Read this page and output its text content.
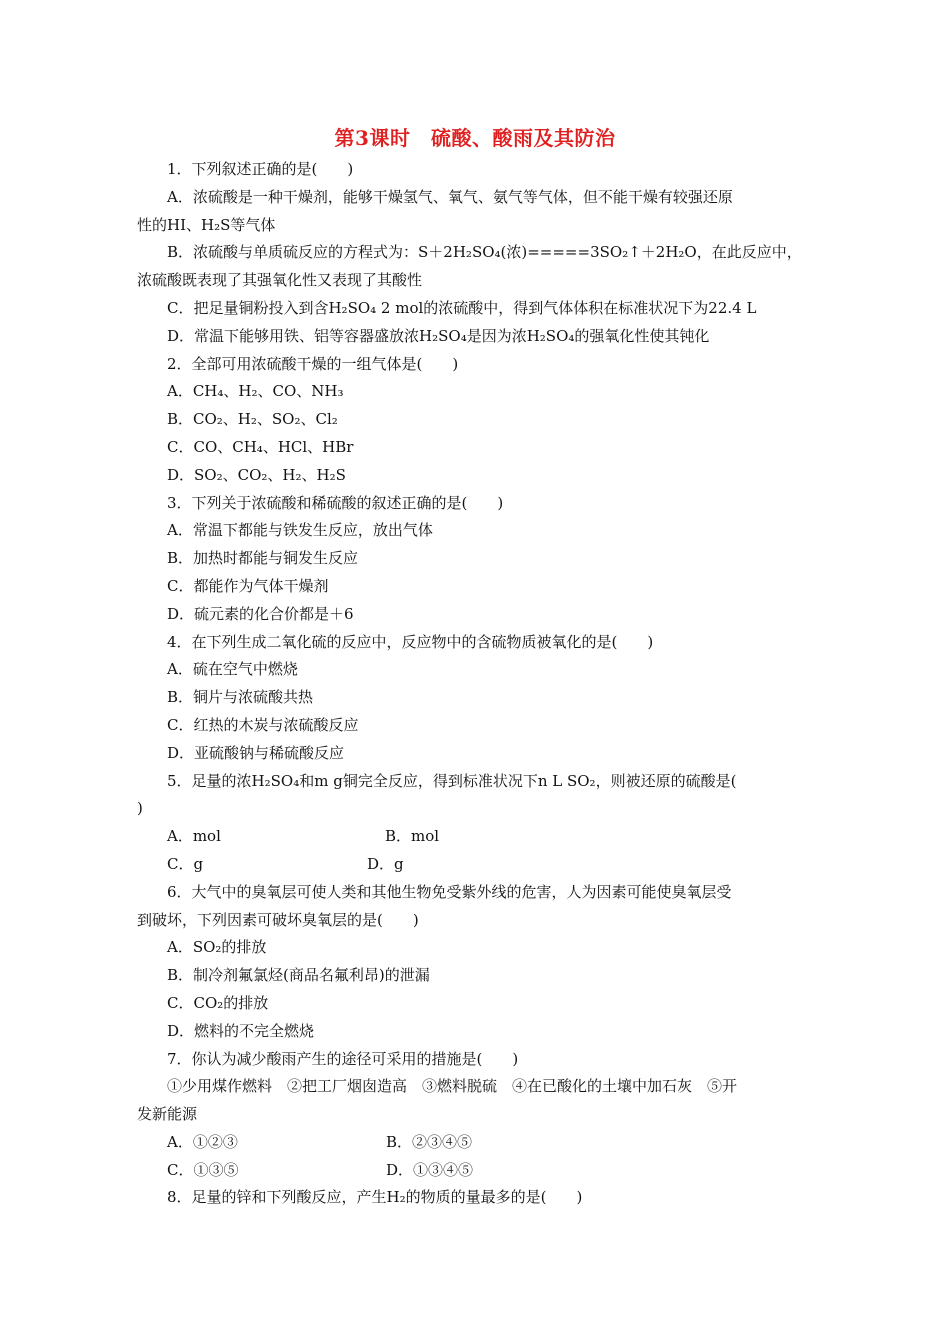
第3课时　硫酸、酸雨及其防治
1．下列叙述正确的是(　　)
A．浓硫酸是一种干燥剂，能够干燥氢气、氧气、氨气等气体，但不能干燥有较强还原
性的HI、H₂S等气体
B．浓硫酸与单质硫反应的方程式为：S＋2H₂SO₄(浓)=====3SO₂↑＋2H₂O，在此反应中，
浓硫酸既表现了其强氧化性又表现了其酸性
C．把足量铜粉投入到含H₂SO₄ 2 mol的浓硫酸中，得到气体体积在标准状况下为22.4 L
D．常温下能够用铁、铝等容器盛放浓H₂SO₄是因为浓H₂SO₄的强氧化性使其钝化
2．全部可用浓硫酸干燥的一组气体是(　　)
A．CH₄、H₂、CO、NH₃
B．CO₂、H₂、SO₂、Cl₂
C．CO、CH₄、HCl、HBr
D．SO₂、CO₂、H₂、H₂S
3．下列关于浓硫酸和稀硫酸的叙述正确的是(　　)
A．常温下都能与铁发生反应，放出气体
B．加热时都能与铜发生反应
C．都能作为气体干燥剂
D．硫元素的化合价都是＋6
4．在下列生成二氧化硫的反应中，反应物中的含硫物质被氧化的是(　　)
A．硫在空气中燃烧
B．铜片与浓硫酸共热
C．红热的木炭与浓硫酸反应
D．亚硫酸钠与稀硫酸反应
5．足量的浓H₂SO₄和m g铜完全反应，得到标准状况下n L SO₂，则被还原的硫酸是(
)
A．mol	B．mol
C．g	D．g
6．大气中的臭氧层可使人类和其他生物免受紫外线的危害，人为因素可能使臭氧层受
到破坏，下列因素可破坏臭氧层的是(　　)
A．SO₂的排放
B．制冷剂氟氯烃(商品名氟利昂)的泄漏
C．CO₂的排放
D．燃料的不完全燃烧
7．你认为减少酸雨产生的途径可采用的措施是(　　)
①少用煤作燃料　②把工厂烟囱造高　③燃料脱硫　④在已酸化的土壤中加石灰　⑤开
发新能源
A．①②③	B．②③④⑤
C．①③⑤	D．①③④⑤
8．足量的锌和下列酸反应，产生H₂的物质的量最多的是(　　)
